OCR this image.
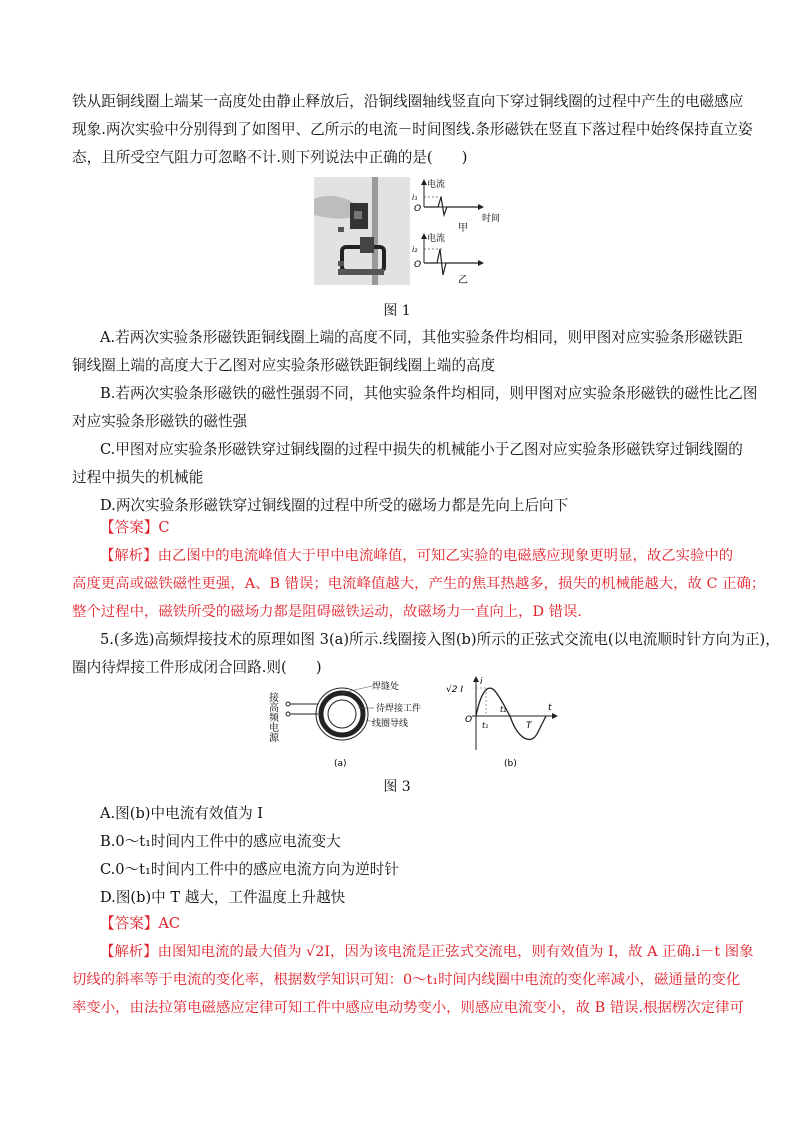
铁从距铜线圈上端某一高度处由静止释放后，沿铜线圈轴线竖直向下穿过铜线圈的过程中产生的电磁感应
现象.两次实验中分别得到了如图甲、乙所示的电流－时间图线.条形磁铁在竖直下落过程中始终保持直立姿
态，且所受空气阻力可忽略不计.则下列说法中正确的是(　　)
电流
i₁
O
时间
甲
电流
i₂
O
乙
图 1
A.若两次实验条形磁铁距铜线圈上端的高度不同，其他实验条件均相同，则甲图对应实验条形磁铁距
铜线圈上端的高度大于乙图对应实验条形磁铁距铜线圈上端的高度
B.若两次实验条形磁铁的磁性强弱不同，其他实验条件均相同，则甲图对应实验条形磁铁的磁性比乙图
对应实验条形磁铁的磁性强
C.甲图对应实验条形磁铁穿过铜线圈的过程中损失的机械能小于乙图对应实验条形磁铁穿过铜线圈的
过程中损失的机械能
D.两次实验条形磁铁穿过铜线圈的过程中所受的磁场力都是先向上后向下
【答案】C
【解析】由乙图中的电流峰值大于甲中电流峰值，可知乙实验的电磁感应现象更明显，故乙实验中的
高度更高或磁铁磁性更强，A、B 错误；电流峰值越大，产生的焦耳热越多，损失的机械能越大，故 C 正确；
整个过程中，磁铁所受的磁场力都是阻碍磁铁运动，故磁场力一直向上，D 错误.
5.(多选)高频焊接技术的原理如图 3(a)所示.线圈接入图(b)所示的正弦式交流电(以电流顺时针方向为正)，
圈内待焊接工件形成闭合回路.则(　　)
接高频电源
焊缝处
待焊接工件
线圈导线
(a)
√2 I
i
O
t₁
t₂
T
t
(b)
图 3
A.图(b)中电流有效值为 I
B.0～t₁时间内工件中的感应电流变大
C.0～t₁时间内工件中的感应电流方向为逆时针
D.图(b)中 T 越大，工件温度上升越快
【答案】AC
【解析】由图知电流的最大值为 √2I，因为该电流是正弦式交流电，则有效值为 I，故 A 正确.i－t 图象
切线的斜率等于电流的变化率，根据数学知识可知：0～t₁时间内线圈中电流的变化率减小，磁通量的变化
率变小，由法拉第电磁感应定律可知工件中感应电动势变小，则感应电流变小，故 B 错误.根据楞次定律可
